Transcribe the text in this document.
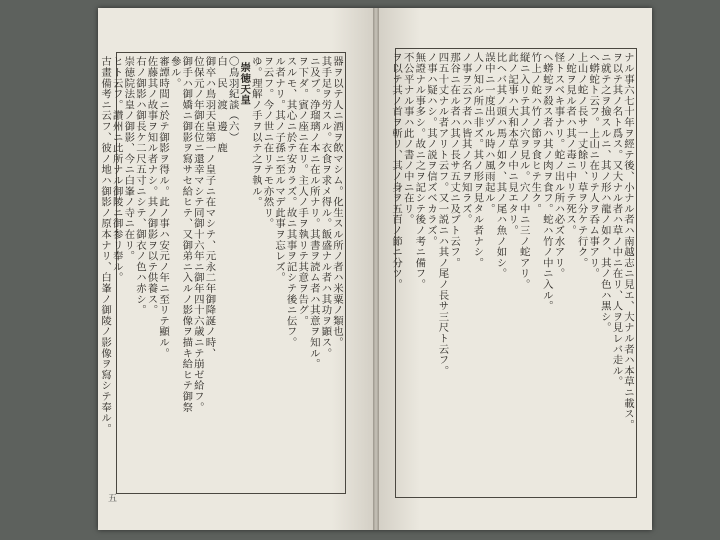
器ヲ以テ人ニ酒ヲ飲マシム。化生スル所ノ者ハ米粟ノ類也。

其手足ヲ労スル。衣食ヲ求メ得ル。飯盛ナル者ハ其功ヲ顕ス。

ニ及ブ。浄瑠璃ノ本ニ在ル所ナリ。其書ヲ読ム者ハ其意ヲ知ル。

ヲ下ダ。賓ノ座ニ在リ。主人ノ手ヲ執リテ其意ヲ告グ。

スルモ、其心ニ於テ安カラズ。故ニ其事ヲ記シテ後ニ伝フ。

ル者ナリ。其ノ子孫ニ至ルマデ此事ヲ忘レズ。

ヲ云フ。今ノ世ニ在リテモ亦然リ。

ゆ。理解ノ手ヲ以テ之ヲ執ル。

崇徳天皇

〇鳥羽紀談（六）

白　民　渡　邊　鹿

御卒ハ鳥羽天皇第一ノ皇子ニ在マシテ、元永二年御降誕ノ時、

位保元ノ年御在位ニ還幸マシテ同御十六年ニ御年四十六歳ニテ崩ゼ給フ。

御手ハ御嬌ニ御影ヲ寫サセ給ヒテ、又御弟ニ入ルノ影像ヲ描キ給ヒテ御祭

參ル。

審譚時間ニ於テ御影ヲ得ル。此ノ事ハ安元ノ年ニ至リテ顯ル。

佐藤其ノ故事ヲ知ル者ナシ。其ノ御影ヲ以テ供養ス。

右ノ御影ハ御長ケ二尺五寸ニシテ、御衣ノ色ハ赤シ。

崇徳院法皇ノ御影、今ニ白峯ノ寺ニ在リ。

ヒト云フ。讃州ニ此所ナル御陵ニ御参リ奉ル。

古畫備考ニ云フ、彼ノ地ハ御影ノ原本ナリ、白峯ノ御陵ノ影像ヲ寫シテ奉ル。

五

ナル事六七十年ヲ經テ後、小ナル者ハ南越志ニ見エ、大ナル者ハ本草ニ載ス。

ヲ以テ其ノ名ト爲ス。又大ナル者ハ草ノ中ニ在リ、人ヲ見レバ走ル。

ニ就テ之ヲ撿スルニ、其ノ形ハ龍ノ如ク、其ノ色ハ黒シ。

ヘ蟒蛇ト云フ。上山ニ在リテ人ヲ呑ム事アリ。

上山ノ蛇ノ長サ一丈餘リ、草ヲ分ケテ行ク。

ノ蛇ヲ見ル者ハ其ノ毒ニ中リテ死ス。

怪トスベキ事ナリ。蛇ノ出ル所ハ必ズ水アリ。

ヘ蟒蛇ヲ殺ス者ハ其ノ肉ヲ食フ。蛇ハ竹ノ中ニ入ル。

竹上ノ蛇ハ竹ノ節ヲ食ヒテ生ク。

縦ニ入リテ其ノ穴ヲ見ル。穴ノ中ニ三ノ蛇アリ。

此ノ記事ハ大和本草ノ中ニ見エタリ。

比ヘバ其ノ頭ハ馬ノ如ク、其ノ尾ハ魚ノ如シ。

誤中ニ一度出ヅル時ハ風雨起ル。

人ノ知ル所ニ非ズ。其ノ形ヲ見タル者ナシ。

ノ事ヲ云フ者ハ皆其ノ名ヲ知ラズ。

那谷ニ在ル者ハ其ノ長サ五丈ニ及ブト云フ。

四五十丈ナル者アリト云フ。又一説ニハ其ノ尾ノ長サ三尺ト云フ。

ノ事ハ疑ハシ。其ノ説ヲ信ズベカラズ。

無證ナル事多シ。故ニ之ヲ記シテ後ノ考ニ備フ。

不公平ナル事ハ此ノ書ノ中ニ在リ。

ヲ以テ其ノ首ヲ斬リ、其ノ身ヲ五百ノ節ニ分ツ。
